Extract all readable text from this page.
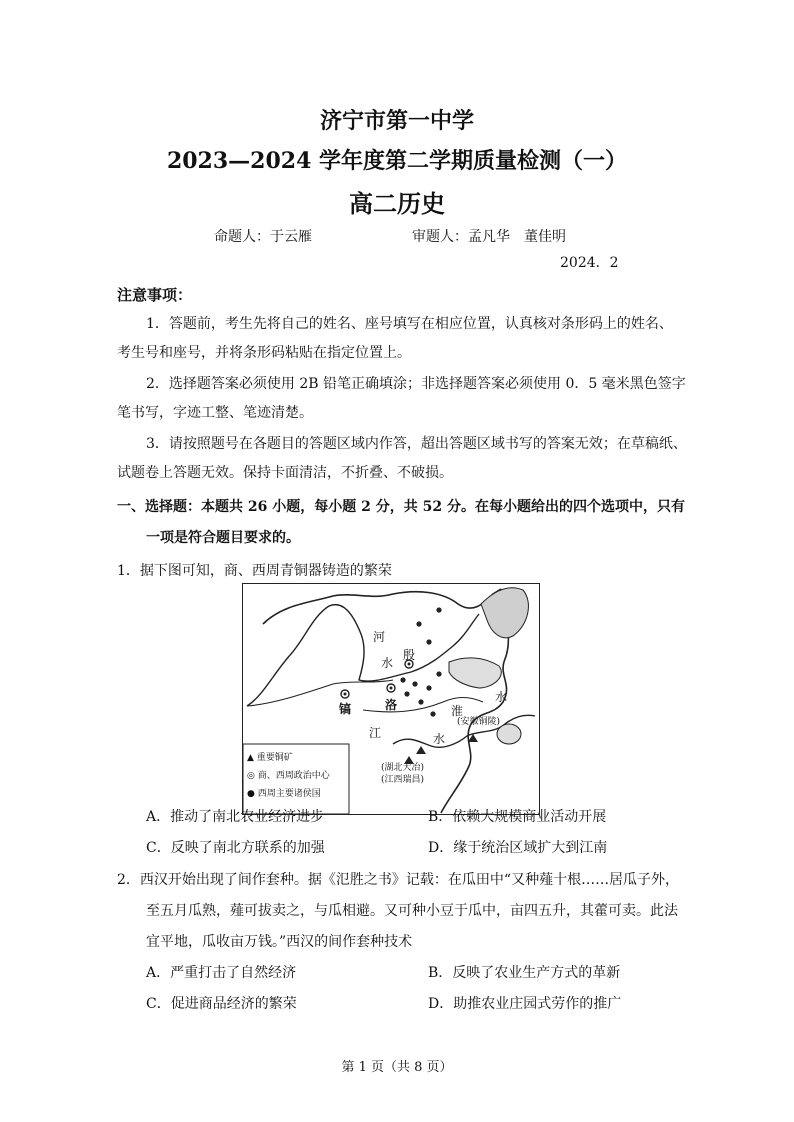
济宁市第一中学
2023—2024 学年度第二学期质量检测（一）
高二历史
命题人：于云雁	审题人：孟凡华　董佳明
2024．2
注意事项：
1．答题前，考生先将自己的姓名、座号填写在相应位置，认真核对条形码上的姓名、
考生号和座号，并将条形码粘贴在指定位置上。
2．选择题答案必须使用 2B 铅笔正确填涂；非选择题答案必须使用 0．5 毫米黑色签字
笔书写，字迹工整、笔迹清楚。
3．请按照题号在各题目的答题区域内作答，超出答题区域书写的答案无效；在草稿纸、
试题卷上答题无效。保持卡面清洁，不折叠、不破损。
一、选择题：本题共 26 小题，每小题 2 分，共 52 分。在每小题给出的四个选项中，只有
一项是符合题目要求的。
1．据下图可知，商、西周青铜器铸造的繁荣
河
水
殷
镐	洛	淮
水
江	水
(安徽铜陵)
(湖北大冶)
(江西瑞昌)
▲ 重要铜矿
◎ 商、西周政治中心
● 西周主要诸侯国
A．推动了南北农业经济进步	B．依赖大规模商业活动开展
C．反映了南北方联系的加强	D．缘于统治区域扩大到江南
2．西汉开始出现了间作套种。据《氾胜之书》记载：在瓜田中“又种薤十根……居瓜子外，
至五月瓜熟，薤可拔卖之，与瓜相避。又可种小豆于瓜中，亩四五升，其藿可卖。此法
宜平地，瓜收亩万钱。”西汉的间作套种技术
A．严重打击了自然经济	B．反映了农业生产方式的革新
C．促进商品经济的繁荣	D．助推农业庄园式劳作的推广
第 1 页（共 8 页）
